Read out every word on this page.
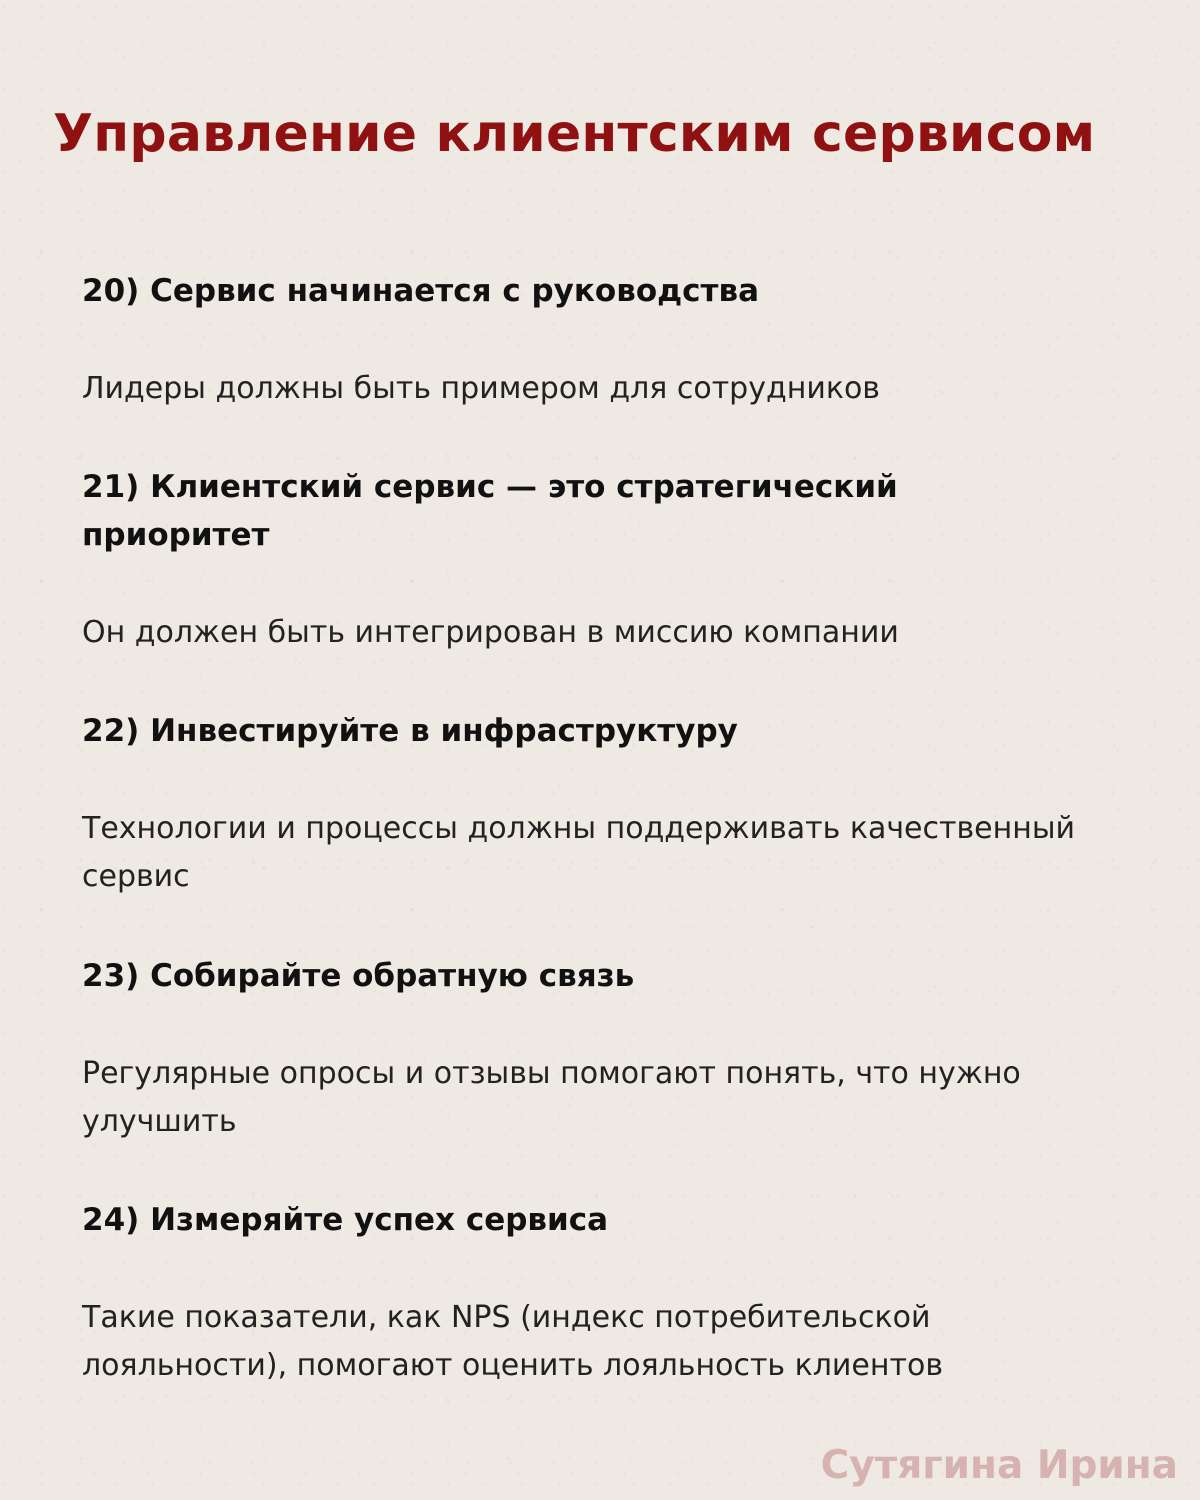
Управление клиентским сервисом
20) Сервис начинается с руководства

Лидеры должны быть примером для сотрудников

21) Клиентский сервис — это стратегический приоритет

Он должен быть интегрирован в миссию компании

22) Инвестируйте в инфраструктуру

Технологии и процессы должны поддерживать качественный сервис

23) Собирайте обратную связь

Регулярные опросы и отзывы помогают понять, что нужно улучшить

24) Измеряйте успех сервиса

Такие показатели, как NPS (индекс потребительской лояльности), помогают оценить лояльность клиентов

Сутягина Ирина
